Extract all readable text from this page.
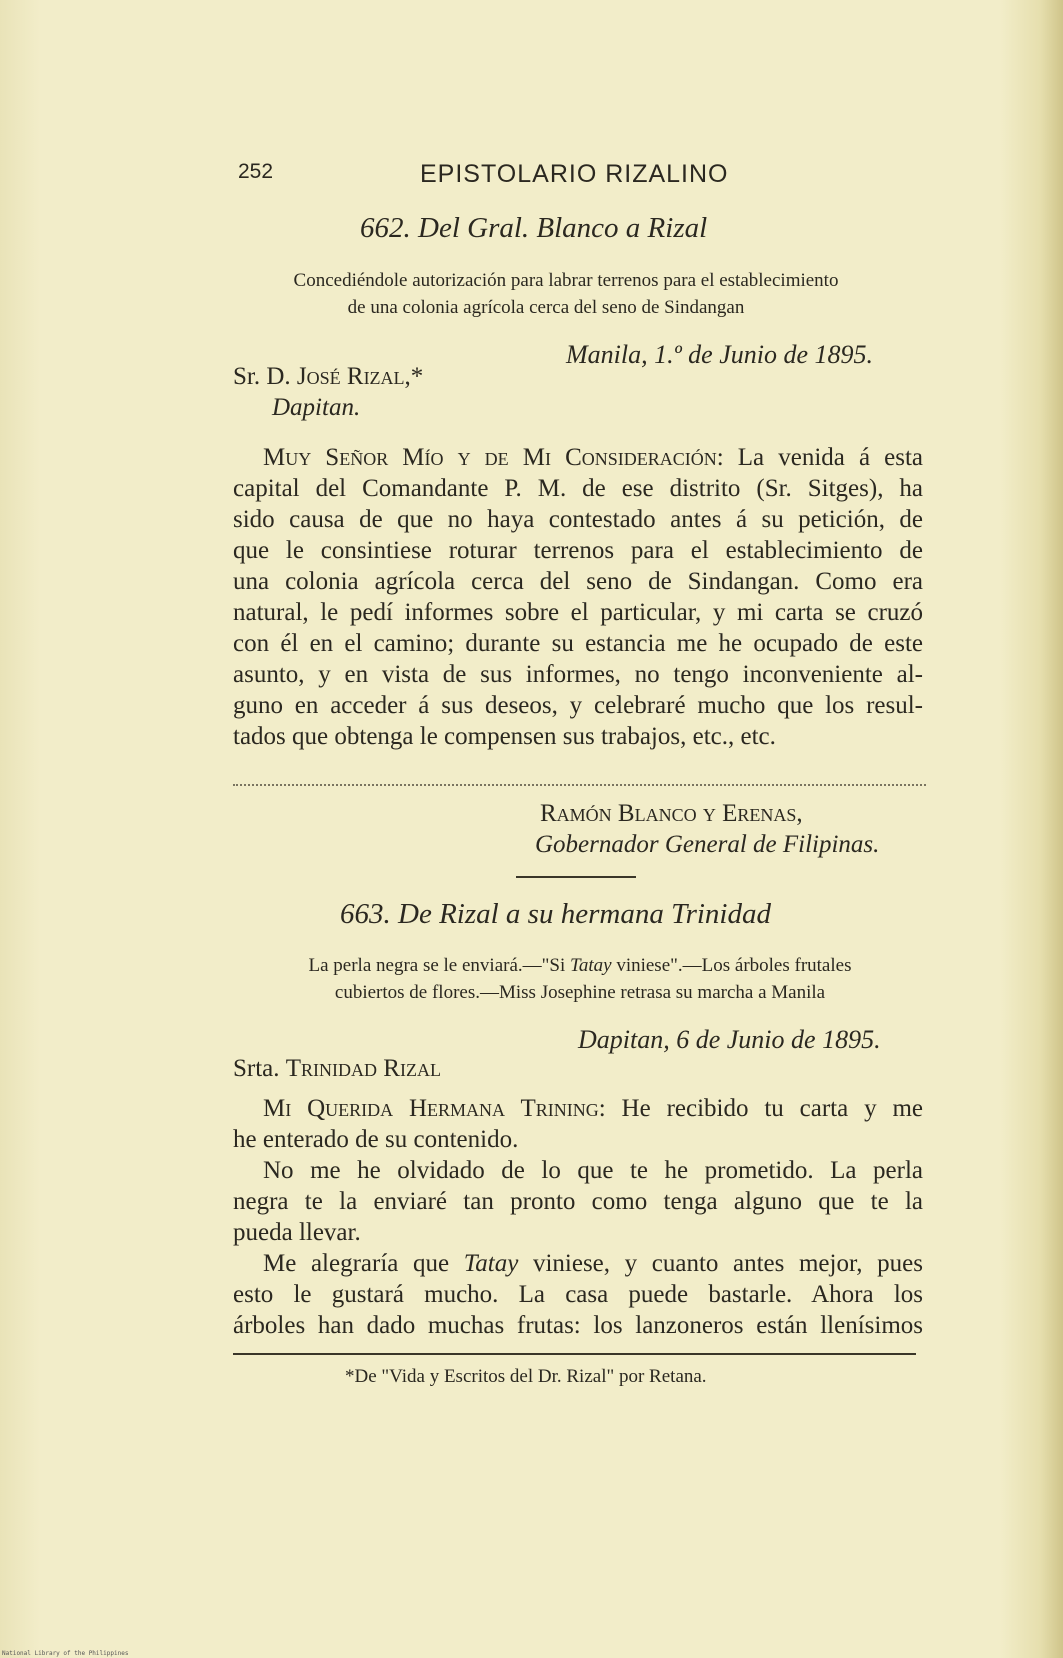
252	EPISTOLARIO RIZALINO
662. Del Gral. Blanco a Rizal
Concediéndole autorización para labrar terrenos para el establecimiento
de una colonia agrícola cerca del seno de Sindangan
Manila, 1.º de Junio de 1895.
Sr. D. José Rizal,*
Dapitan.
Muy Señor Mío y de Mi Consideración: La venida á esta
capital del Comandante P. M. de ese distrito (Sr. Sitges), ha
sido causa de que no haya contestado antes á su petición, de
que le consintiese roturar terrenos para el establecimiento de
una colonia agrícola cerca del seno de Sindangan. Como era
natural, le pedí informes sobre el particular, y mi carta se cruzó
con él en el camino; durante su estancia me he ocupado de este
asunto, y en vista de sus informes, no tengo inconveniente al-
guno en acceder á sus deseos, y celebraré mucho que los resul-
tados que obtenga le compensen sus trabajos, etc., etc.
Ramón Blanco y Erenas,
Gobernador General de Filipinas.
663. De Rizal a su hermana Trinidad
La perla negra se le enviará.—"Si Tatay viniese".—Los árboles frutales
cubiertos de flores.—Miss Josephine retrasa su marcha a Manila
Dapitan, 6 de Junio de 1895.
Srta. Trinidad Rizal
Mi Querida Hermana Trining: He recibido tu carta y me
he enterado de su contenido.
No me he olvidado de lo que te he prometido. La perla
negra te la enviaré tan pronto como tenga alguno que te la
pueda llevar.
Me alegraría que Tatay viniese, y cuanto antes mejor, pues
esto le gustará mucho. La casa puede bastarle. Ahora los
árboles han dado muchas frutas: los lanzoneros están llenísimos
*De "Vida y Escritos del Dr. Rizal" por Retana.
National Library of the Philippines
